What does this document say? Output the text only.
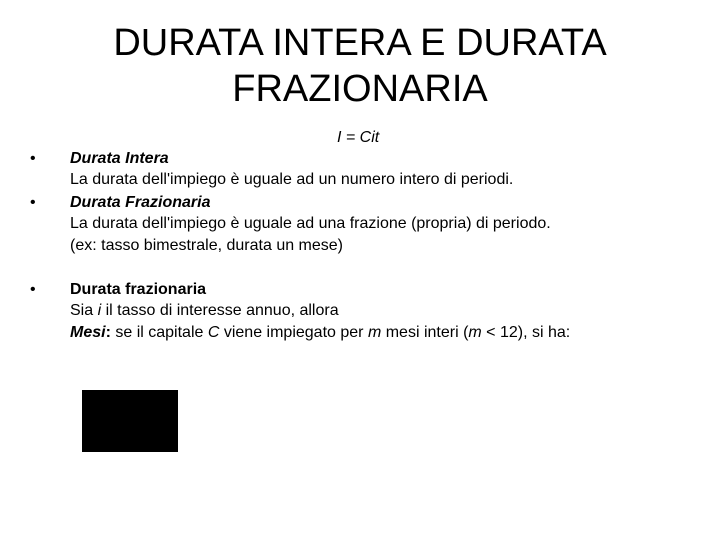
DURATA INTERA E DURATA
FRAZIONARIA
I = Cit
• Durata Intera
La durata dell'impiego è uguale ad un numero intero di periodi.
• Durata Frazionaria
La durata dell'impiego è uguale ad una frazione (propria) di periodo.
(ex: tasso bimestrale, durata un mese)
• Durata frazionaria
Sia i il tasso di interesse annuo, allora
Mesi: se il capitale C viene impiegato per m mesi interi (m < 12), si ha:
